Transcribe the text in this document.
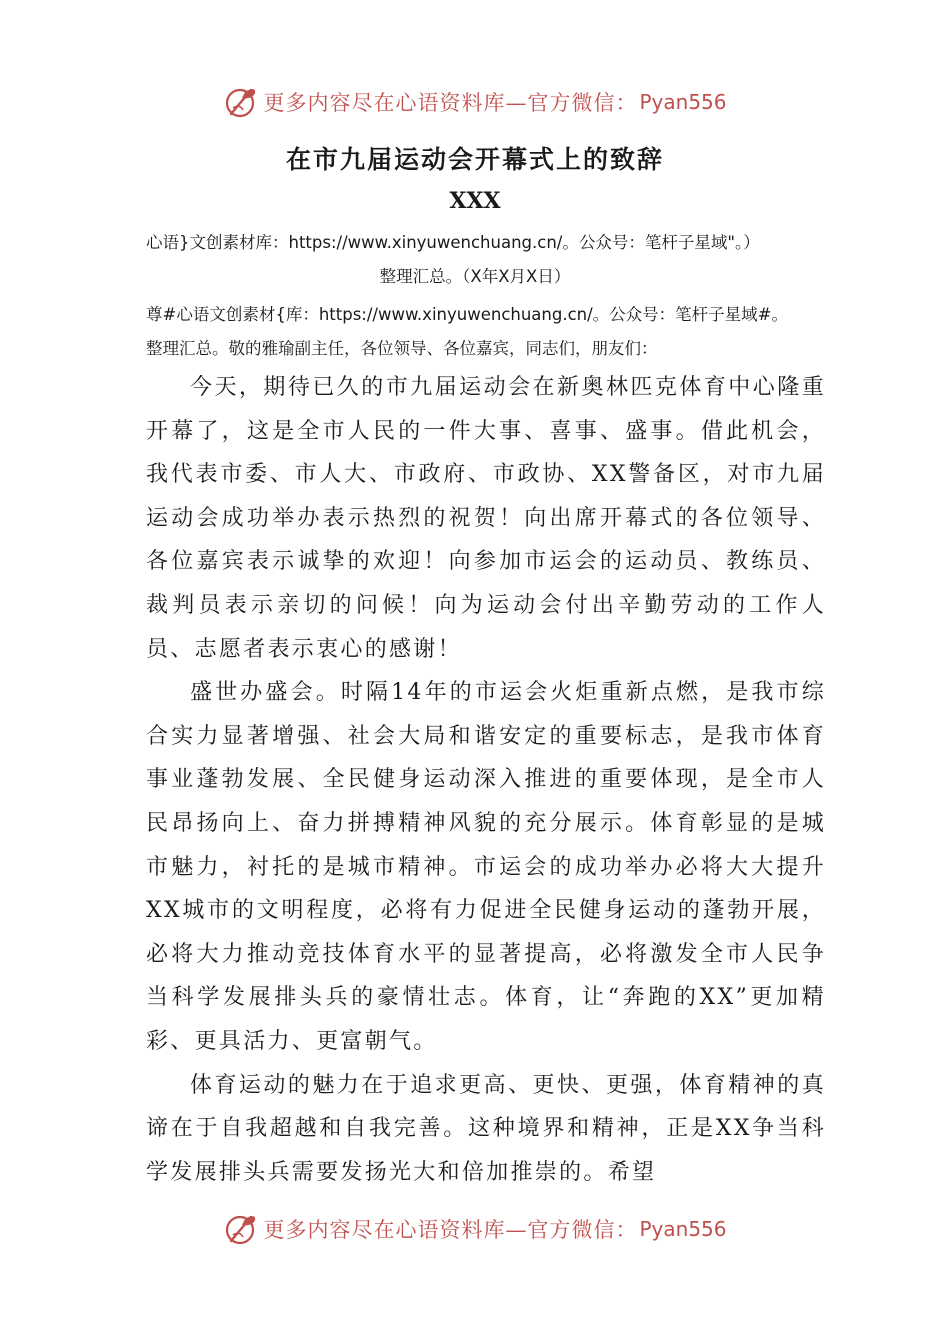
更多内容尽在心语资料库—官方微信： Pyan556
在市九届运动会开幕式上的致辞
XXX
心语}文创素材库：https://www.xinyuwenchuang.cn/。公众号：笔杆子星域"。）
整理汇总。（X年X月X日）
尊#心语文创素材{库：https://www.xinyuwenchuang.cn/。公众号：笔杆子星域#。
整理汇总。敬的雅瑜副主任，各位领导、各位嘉宾，同志们，朋友们：

今天，期待已久的市九届运动会在新奥林匹克体育中心隆重开幕了，这是全市人民的一件大事、喜事、盛事。借此机会，我代表市委、市人大、市政府、市政协、XX警备区，对市九届运动会成功举办表示热烈的祝贺！向出席开幕式的各位领导、各位嘉宾表示诚挚的欢迎！向参加市运会的运动员、教练员、裁判员表示亲切的问候！向为运动会付出辛勤劳动的工作人员、志愿者表示衷心的感谢！

盛世办盛会。时隔14年的市运会火炬重新点燃，是我市综合实力显著增强、社会大局和谐安定的重要标志，是我市体育事业蓬勃发展、全民健身运动深入推进的重要体现，是全市人民昂扬向上、奋力拼搏精神风貌的充分展示。体育彰显的是城市魅力，衬托的是城市精神。市运会的成功举办必将大大提升XX城市的文明程度，必将有力促进全民健身运动的蓬勃开展，必将大力推动竞技体育水平的显著提高，必将激发全市人民争当科学发展排头兵的豪情壮志。体育，让“奔跑的XX”更加精彩、更具活力、更富朝气。

体育运动的魅力在于追求更高、更快、更强，体育精神的真谛在于自我超越和自我完善。这种境界和精神，正是XX争当科学发展排头兵需要发扬光大和倍加推崇的。希望

更多内容尽在心语资料库—官方微信： Pyan556
